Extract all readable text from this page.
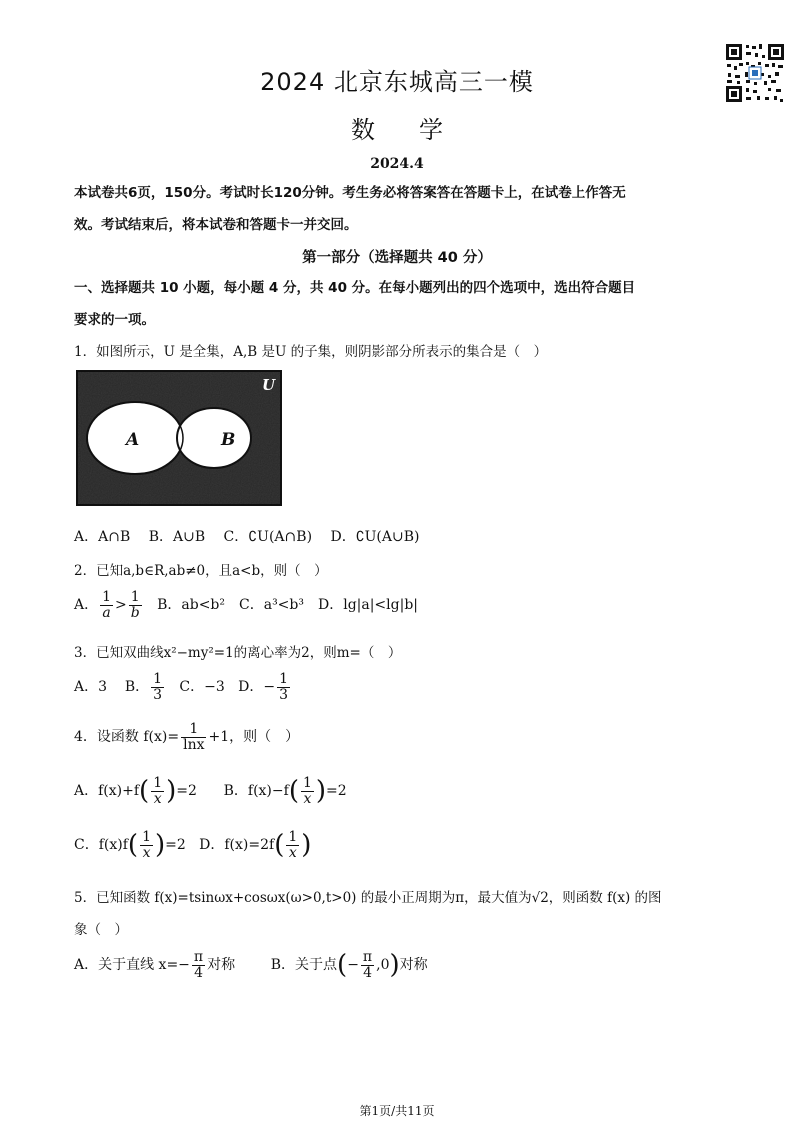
2024 北京东城高三一模
数 学
2024.4
本试卷共6页，150分。考试时长120分钟。考生务必将答案答在答题卡上，在试卷上作答无
效。考试结束后，将本试卷和答题卡一并交回。
第一部分（选择题共 40 分）
一、选择题共 10 小题，每小题 4 分，共 40 分。在每小题列出的四个选项中，选出符合题目
要求的一项。
1．如图所示，U 是全集，A,B 是U 的子集，则阴影部分所表示的集合是（　）
U
A	B
A．A∩B　 B．A∪B　 C．∁U(A∩B)　 D．∁U(A∪B)
2．已知a,b∈R,ab≠0，且a<b，则（　）
A． $\frac{1}{a} > \frac{1}{b}$ B．ab<b²　C．a³<b³　D．lg|a|<lg|b|
3．已知双曲线x²−my²=1的离心率为2，则m=（　）
A．3 B． $\frac{1}{3}$ C．−3 D．− $\frac{1}{3}$
4．设函数 $f(x)= \frac{1}{\ln x} +1$，则（　）
A．$f(x)+f( \frac{1}{x} )=2$ B．$f(x)-f( \frac{1}{x} )=2$
C．$f(x)f( \frac{1}{x} )=2$ D．$f(x)=2f( \frac{1}{x}$ )
5．已知函数 f(x)=tsinωx+cosωx(ω>0,t>0) 的最小正周期为π，最大值为√2，则函数 f(x) 的图
象（　）
A．关于直线 $x=- \frac{\pi}{4}$ 对称	B．关于点(− $\frac{\pi}{4} ,0$)对称
第1页/共11页
